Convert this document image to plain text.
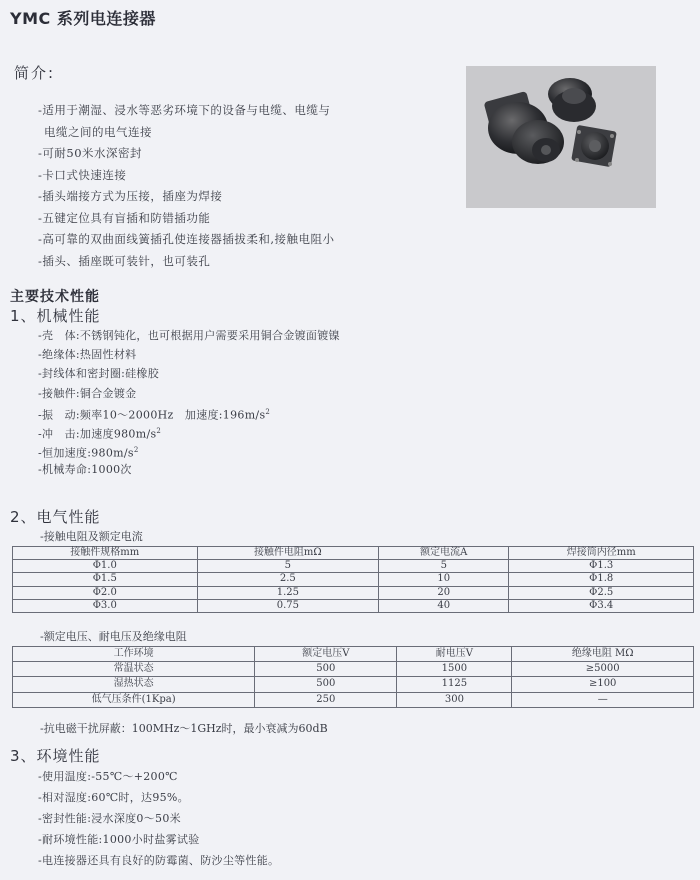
YMC 系列电连接器
简介:
-适用于潮湿、浸水等恶劣环境下的设备与电缆、电缆与
电缆之间的电气连接
-可耐50米水深密封
-卡口式快速连接
-插头端接方式为压接，插座为焊接
-五键定位具有盲插和防错插功能
-高可靠的双曲面线簧插孔使连接器插拔柔和,接触电阻小
-插头、插座既可装针，也可装孔
主要技术性能
1、机械性能
-壳　体:不锈钢钝化，也可根据用户需要采用铜合金镀面镀镍
-绝缘体:热固性材料
-封线体和密封圈:硅橡胶
-接触件:铜合金镀金
-振　动:频率10～2000Hz　加速度$:196m/s^2$
-冲　击:加速度$980m/s^2$
-恒加速度$:980m/s^2$
-机械寿命:1000次
2、电气性能
-接触电阻及额定电流
接触件规格mm	接触件电阻mΩ	额定电流A	焊接筒内径mm
Φ1.0	5	5	Φ1.3
Φ1.5	2.5	10	Φ1.8
Φ2.0	1.25	20	Φ2.5
Φ3.0	0.75	40	Φ3.4
-额定电压、耐电压及绝缘电阻
工作环境	额定电压V	耐电压V	绝缘电阻 MΩ
常温状态	500	1500	≥5000
湿热状态	500	1125	≥100
低气压条件(1Kpa)	250	300	—
-抗电磁干扰屏蔽：100MHz～1GHz时，最小衰减为60dB
3、环境性能
-使用温度:-55℃～+200℃
-相对湿度:60℃时，达95%。
-密封性能:浸水深度0～50米
-耐环境性能:1000小时盐雾试验
-电连接器还具有良好的防霉菌、防沙尘等性能。
